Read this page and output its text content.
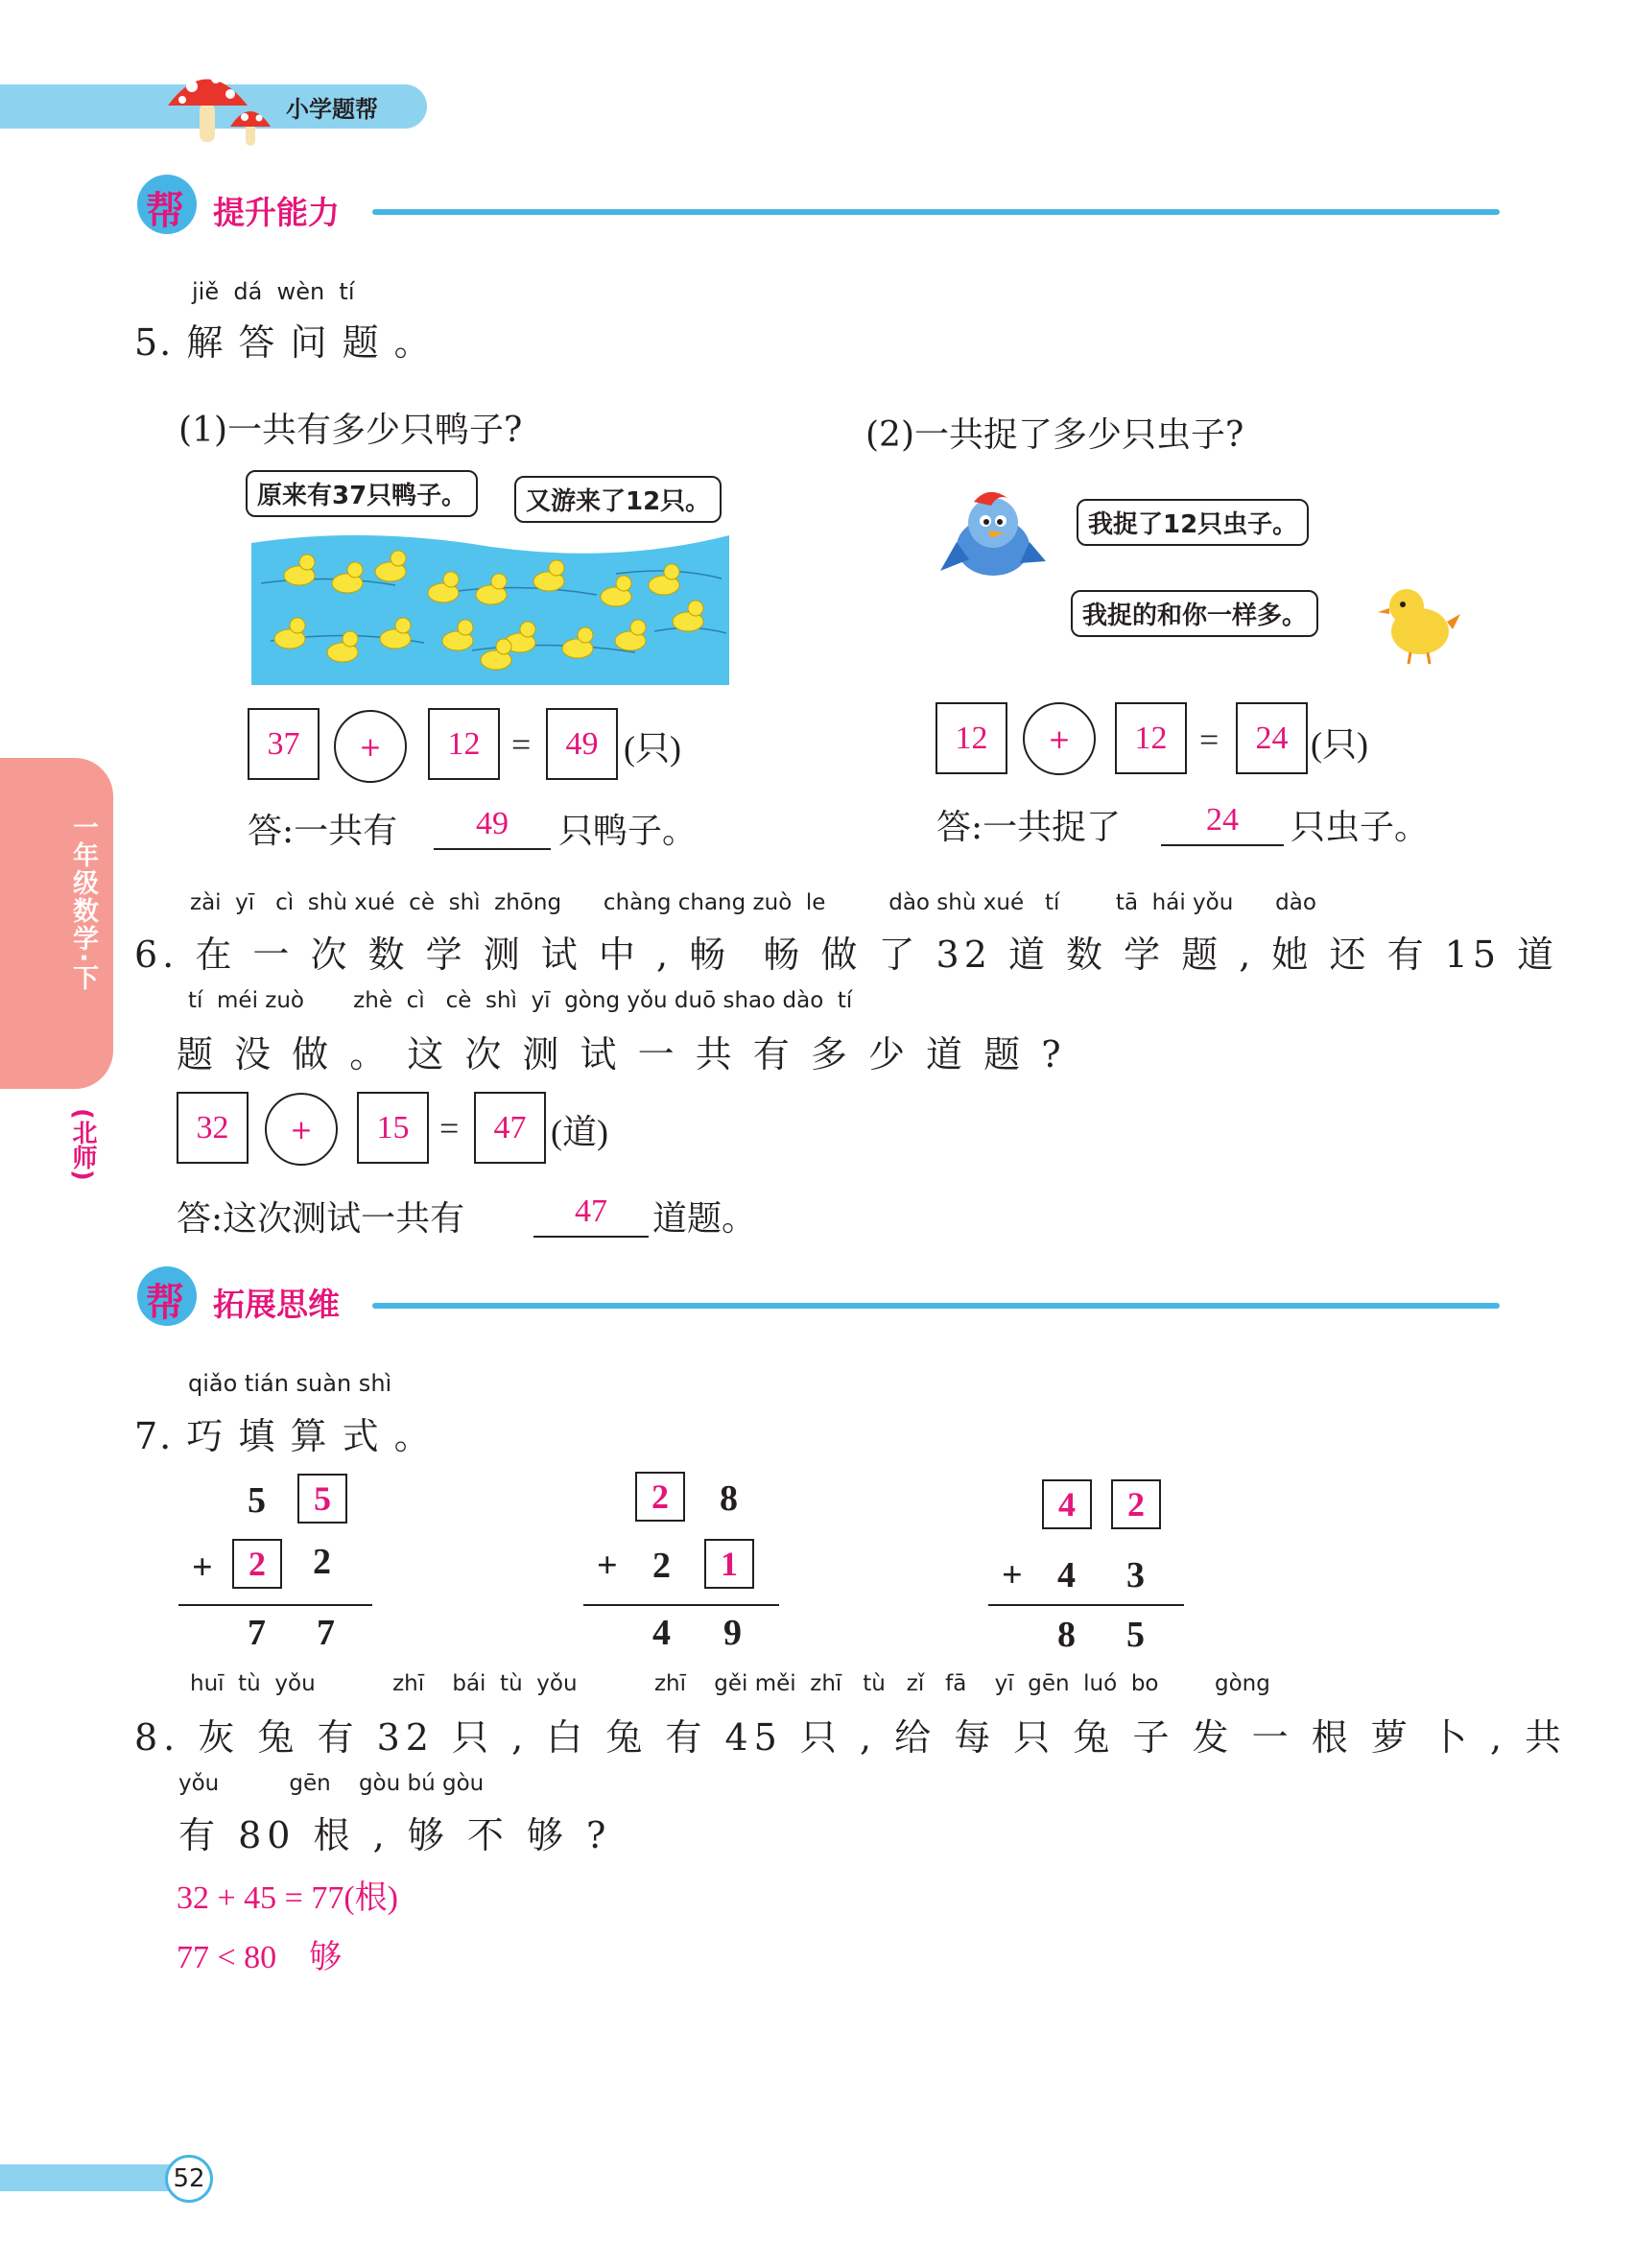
小学题帮
帮 提升能力
一年级数学·下
(北师)
jiě  dá  wèn  tí
5. 解 答 问 题 。
(1)一共有多少只鸭子?	(2)一共捉了多少只虫子?
原来有37只鸭子。	又游来了12只。
37	+	12 =	49 (只)
答:一共有	49	只鸭子。
我捉了12只虫子。
我捉的和你一样多。
12	+	12 =	24 (只)
答:一共捉了	24	只虫子。
zài  yī   cì  shù xué  cè  shì  zhōng      chàng chang zuò  le         dào shù xué   tí        tā  hái yǒu      dào
6. 在 一 次 数 学 测 试 中 , 畅  畅 做 了 32 道 数 学 题 , 她 还 有 15 道
tí  méi zuò       zhè  cì   cè  shì  yī  gòng yǒu duō shao dào  tí
题 没 做 。 这 次 测 试 一 共 有 多 少 道 题 ?
32	+	15 =	47 (道)
答:这次测试一共有	47	道题。
帮 拓展思维
qiǎo tián suàn shì
7. 巧 填 算 式 。
5	5
+	2	2
7 7
2	8
+ 2	1
4 9
4	2
+ 4 3
8 5
huī  tù  yǒu           zhī    bái  tù  yǒu           zhī    gěi měi  zhī   tù   zǐ   fā    yī  gēn  luó  bo        gòng
8. 灰 兔 有 32 只 , 白 兔 有 45 只 , 给 每 只 兔 子 发 一 根 萝 卜 , 共
yǒu          gēn    gòu bú gòu
有 80 根 , 够 不 够 ?
32 + 45 = 77(根)
77 < 80    够
52
